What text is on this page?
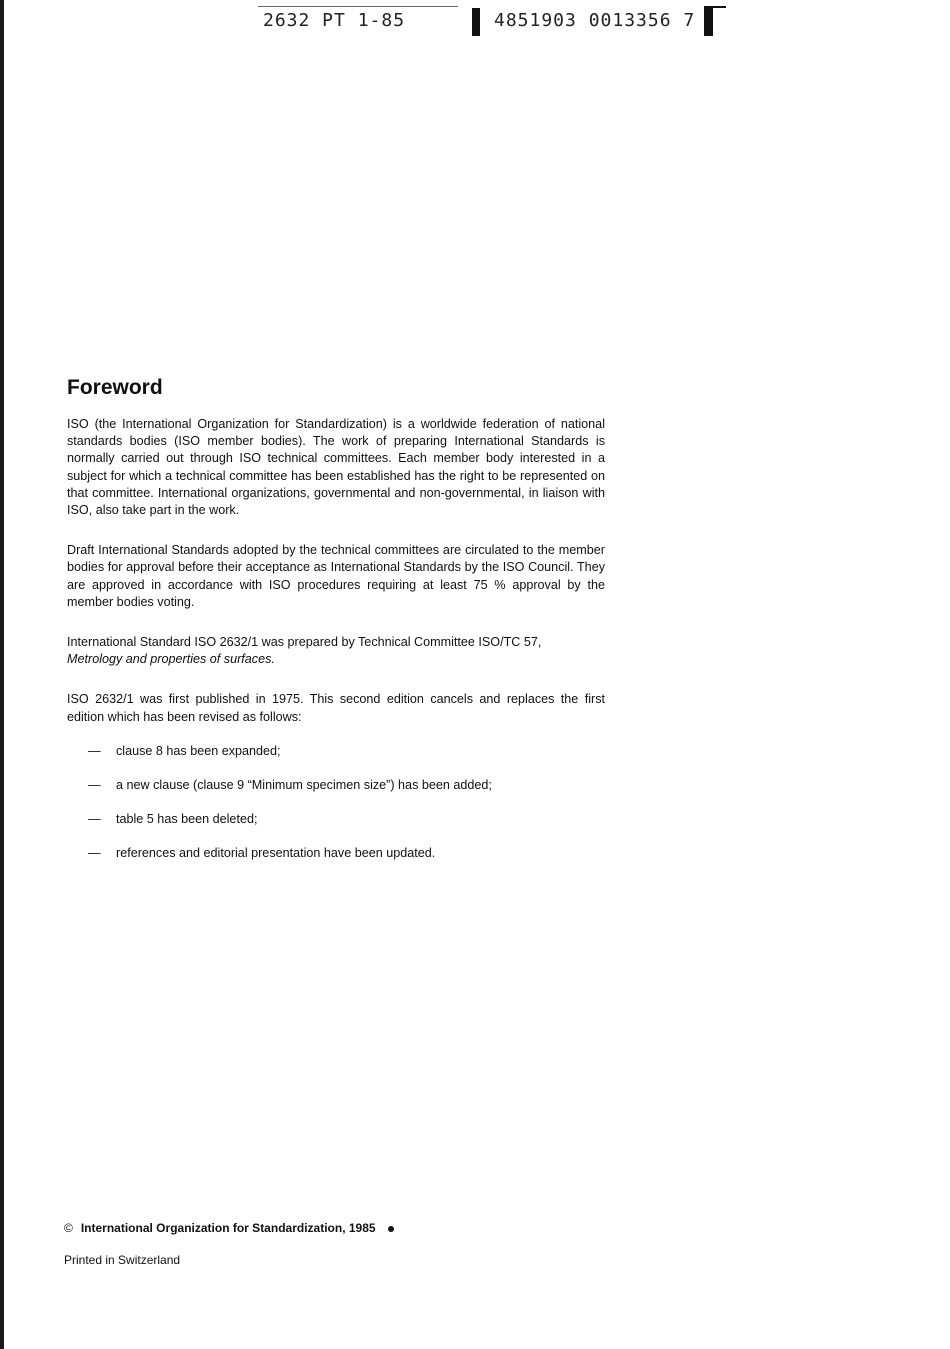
2632 PT 1-85	4851903 0013356 7
Foreword

ISO (the International Organization for Standardization) is a worldwide federation of national standards bodies (ISO member bodies). The work of preparing International Standards is normally carried out through ISO technical committees. Each member body interested in a subject for which a technical committee has been established has the right to be represented on that committee. International organizations, governmental and non-governmental, in liaison with ISO, also take part in the work.

Draft International Standards adopted by the technical committees are circulated to the member bodies for approval before their acceptance as International Standards by the ISO Council. They are approved in accordance with ISO procedures requiring at least 75 % approval by the member bodies voting.

International Standard ISO 2632/1 was prepared by Technical Committee ISO/TC 57,
Metrology and properties of surfaces.

ISO 2632/1 was first published in 1975. This second edition cancels and replaces the first edition which has been revised as follows:

— clause 8 has been expanded;
— a new clause (clause 9 “Minimum specimen size”) has been added;
— table 5 has been deleted;
— references and editorial presentation have been updated.
© International Organization for Standardization, 1985
Printed in Switzerland
